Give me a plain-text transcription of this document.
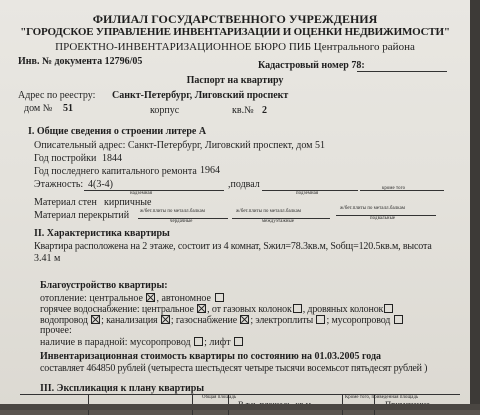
ФИЛИАЛ ГОСУДАРСТВЕННОГО УЧРЕЖДЕНИЯ
"ГОРОДСКОЕ УПРАВЛЕНИЕ ИНВЕНТАРИЗАЦИИ И ОЦЕНКИ НЕДВИЖИМОСТИ"
ПРОЕКТНО-ИНВЕНТАРИЗАЦИОННОЕ БЮРО ПИБ Центрального района
Инв. № документа 12796/05	Кадастровый номер 78:
Паспорт на квартиру
Адрес по реестру: Санкт-Петербург, Лиговский проспект
дом № 51	корпус	кв.№ 2
I. Общие сведения о строении литере А
Описательный адрес: Санкт-Петербург, Лиговский проспект, дом 51
Год постройки 1844
Год последнего капитального ремонта 1964
Этажность: 4(3-4)	,подвал
надземная	подземная
кроме того
Материал стен кирпичные
Материал перекрытий ж/бет.плиты по металл.балкам	ж/бет.плиты по металл.балкам
ж/бет.плиты по металл.балкам
чердачные	междуэтажные
подвальные
II. Характеристика квартиры
Квартира расположена на 2 этаже, состоит из 4 комнат, Sжил=78.3кв.м, Sобщ=120.5кв.м, высота
3.41 м
Благоустройство квартиры:
отопление: центральное , автономное
горячее водоснабжение: центральное , от газовых колонок , дровяных колонок
водопровод ; канализация ; газоснабжение ; электроплиты ; мусоропровод
прочее:
наличие в парадной: мусоропровод ; лифт
Инвентаризационная стоимость квартиры по состоянию на 01.03.2005 года
составляет 464850 рублей (четыреста шестьдесят четыре тысячи восемьсот пятьдесят рублей )
III. Экспликация к плану квартиры
Общая площадь	Кроме того, приведенная площадь
